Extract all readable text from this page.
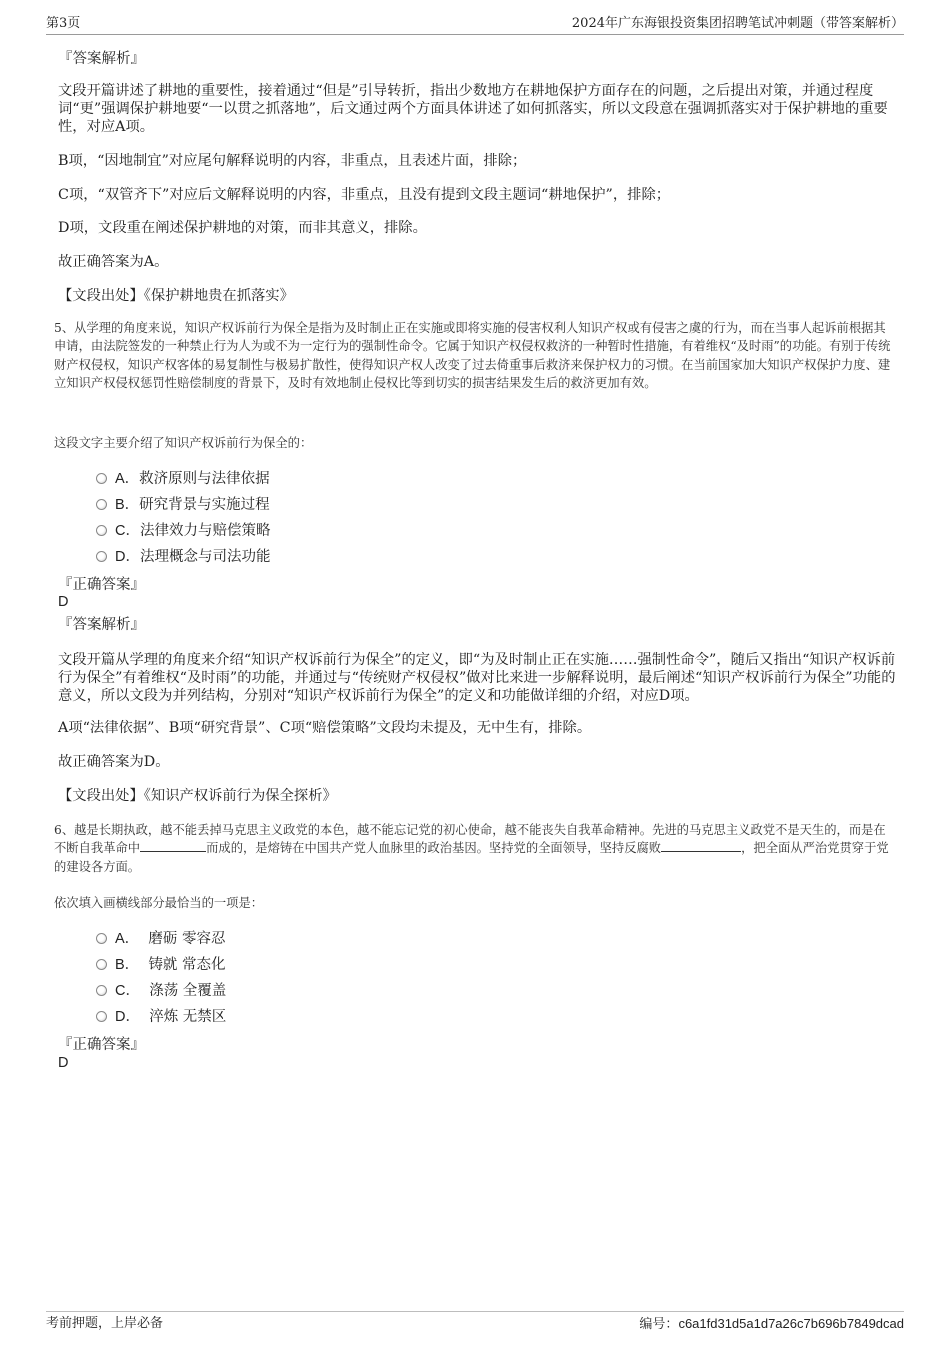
第3页	2024年广东海银投资集团招聘笔试冲刺题（带答案解析）
『答案解析』
文段开篇讲述了耕地的重要性，接着通过“但是”引导转折，指出少数地方在耕地保护方面存在的问题，之后提出对策，并通过程度词“更”强调保护耕地要“一以贯之抓落地”，后文通过两个方面具体讲述了如何抓落实，所以文段意在强调抓落实对于保护耕地的重要性，对应A项。
B项，“因地制宜”对应尾句解释说明的内容，非重点，且表述片面，排除；
C项，“双管齐下”对应后文解释说明的内容，非重点，且没有提到文段主题词“耕地保护”，排除；
D项，文段重在阐述保护耕地的对策，而非其意义，排除。
故正确答案为A。
【文段出处】《保护耕地贵在抓落实》
5、从学理的角度来说，知识产权诉前行为保全是指为及时制止正在实施或即将实施的侵害权利人知识产权或有侵害之虞的行为，而在当事人起诉前根据其申请，由法院签发的一种禁止行为人为或不为一定行为的强制性命令。它属于知识产权侵权救济的一种暂时性措施，有着维权“及时雨”的功能。有别于传统财产权侵权，知识产权客体的易复制性与极易扩散性，使得知识产权人改变了过去倚重事后救济来保护权力的习惯。在当前国家加大知识产权保护力度、建立知识产权侵权惩罚性赔偿制度的背景下，及时有效地制止侵权比等到切实的损害结果发生后的救济更加有效。
这段文字主要介绍了知识产权诉前行为保全的：
A．救济原则与法律依据
B．研究背景与实施过程
C．法律效力与赔偿策略
D．法理概念与司法功能
『正确答案』
D
『答案解析』
文段开篇从学理的角度来介绍“知识产权诉前行为保全”的定义，即“为及时制止正在实施……强制性命令”，随后又指出“知识产权诉前行为保全”有着维权“及时雨”的功能，并通过与“传统财产权侵权”做对比来进一步解释说明，最后阐述“知识产权诉前行为保全”功能的意义，所以文段为并列结构，分别对“知识产权诉前行为保全”的定义和功能做详细的介绍，对应D项。
A项“法律依据”、B项“研究背景”、C项“赔偿策略”文段均未提及，无中生有，排除。
故正确答案为D。
【文段出处】《知识产权诉前行为保全探析》
6、越是长期执政，越不能丢掉马克思主义政党的本色，越不能忘记党的初心使命，越不能丧失自我革命精神。先进的马克思主义政党不是天生的，而是在不断自我革命中	而成的，是熔铸在中国共产党人血脉里的政治基因。坚持党的全面领导，坚持反腐败	，把全面从严治党贯穿于党的建设各方面。
依次填入画横线部分最恰当的一项是：
A． 磨砺 零容忍
B． 铸就 常态化
C． 涤荡 全覆盖
D． 淬炼 无禁区
『正确答案』
D
考前押题，上岸必备	编号：c6a1fd31d5a1d7a26c7b696b7849dcad
